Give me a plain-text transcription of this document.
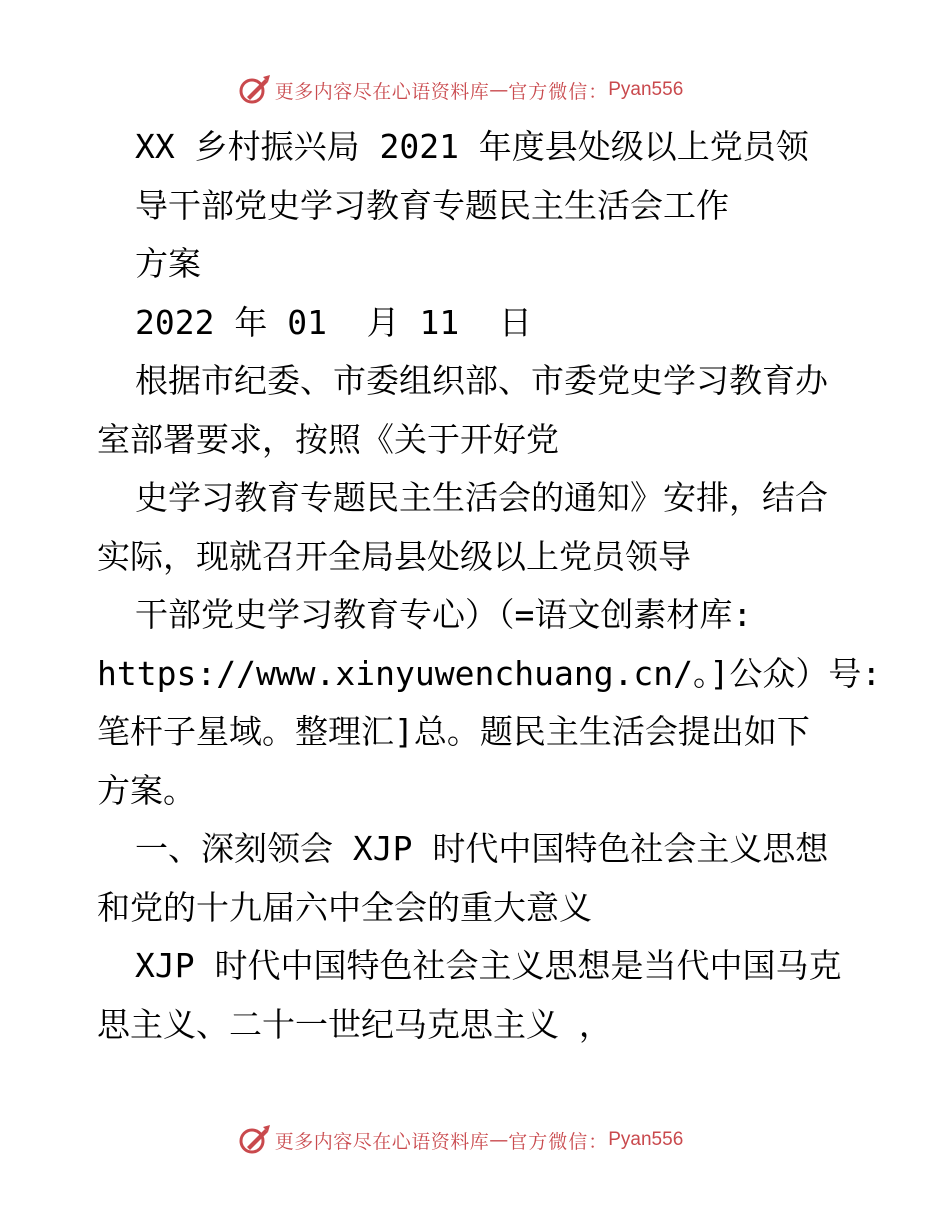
更多内容尽在心语资料库 — 官方微信： Pyan556

XX 乡村振兴局 2021 年度县处级以上党员领

导干部党史学习教育专题民主生活会工作

方案

2022 年 01  月 11  日

根据市纪委、市委组织部、市委党史学习教育办

室部署要求，按照《关于开好党

史学习教育专题民主生活会的通知》安排，结合

实际，现就召开全局县处级以上党员领导

干部党史学习教育专心）（=语文创素材库:

https://www.xinyuwenchuang.cn/。]公众）号:

笔杆子星域。整理汇]总。题民主生活会提出如下

方案。

一、深刻领会 XJP 时代中国特色社会主义思想

和党的十九届六中全会的重大意义

XJP 时代中国特色社会主义思想是当代中国马克

思主义、二十一世纪马克思主义 ，

更多内容尽在心语资料库 — 官方微信： Pyan556
